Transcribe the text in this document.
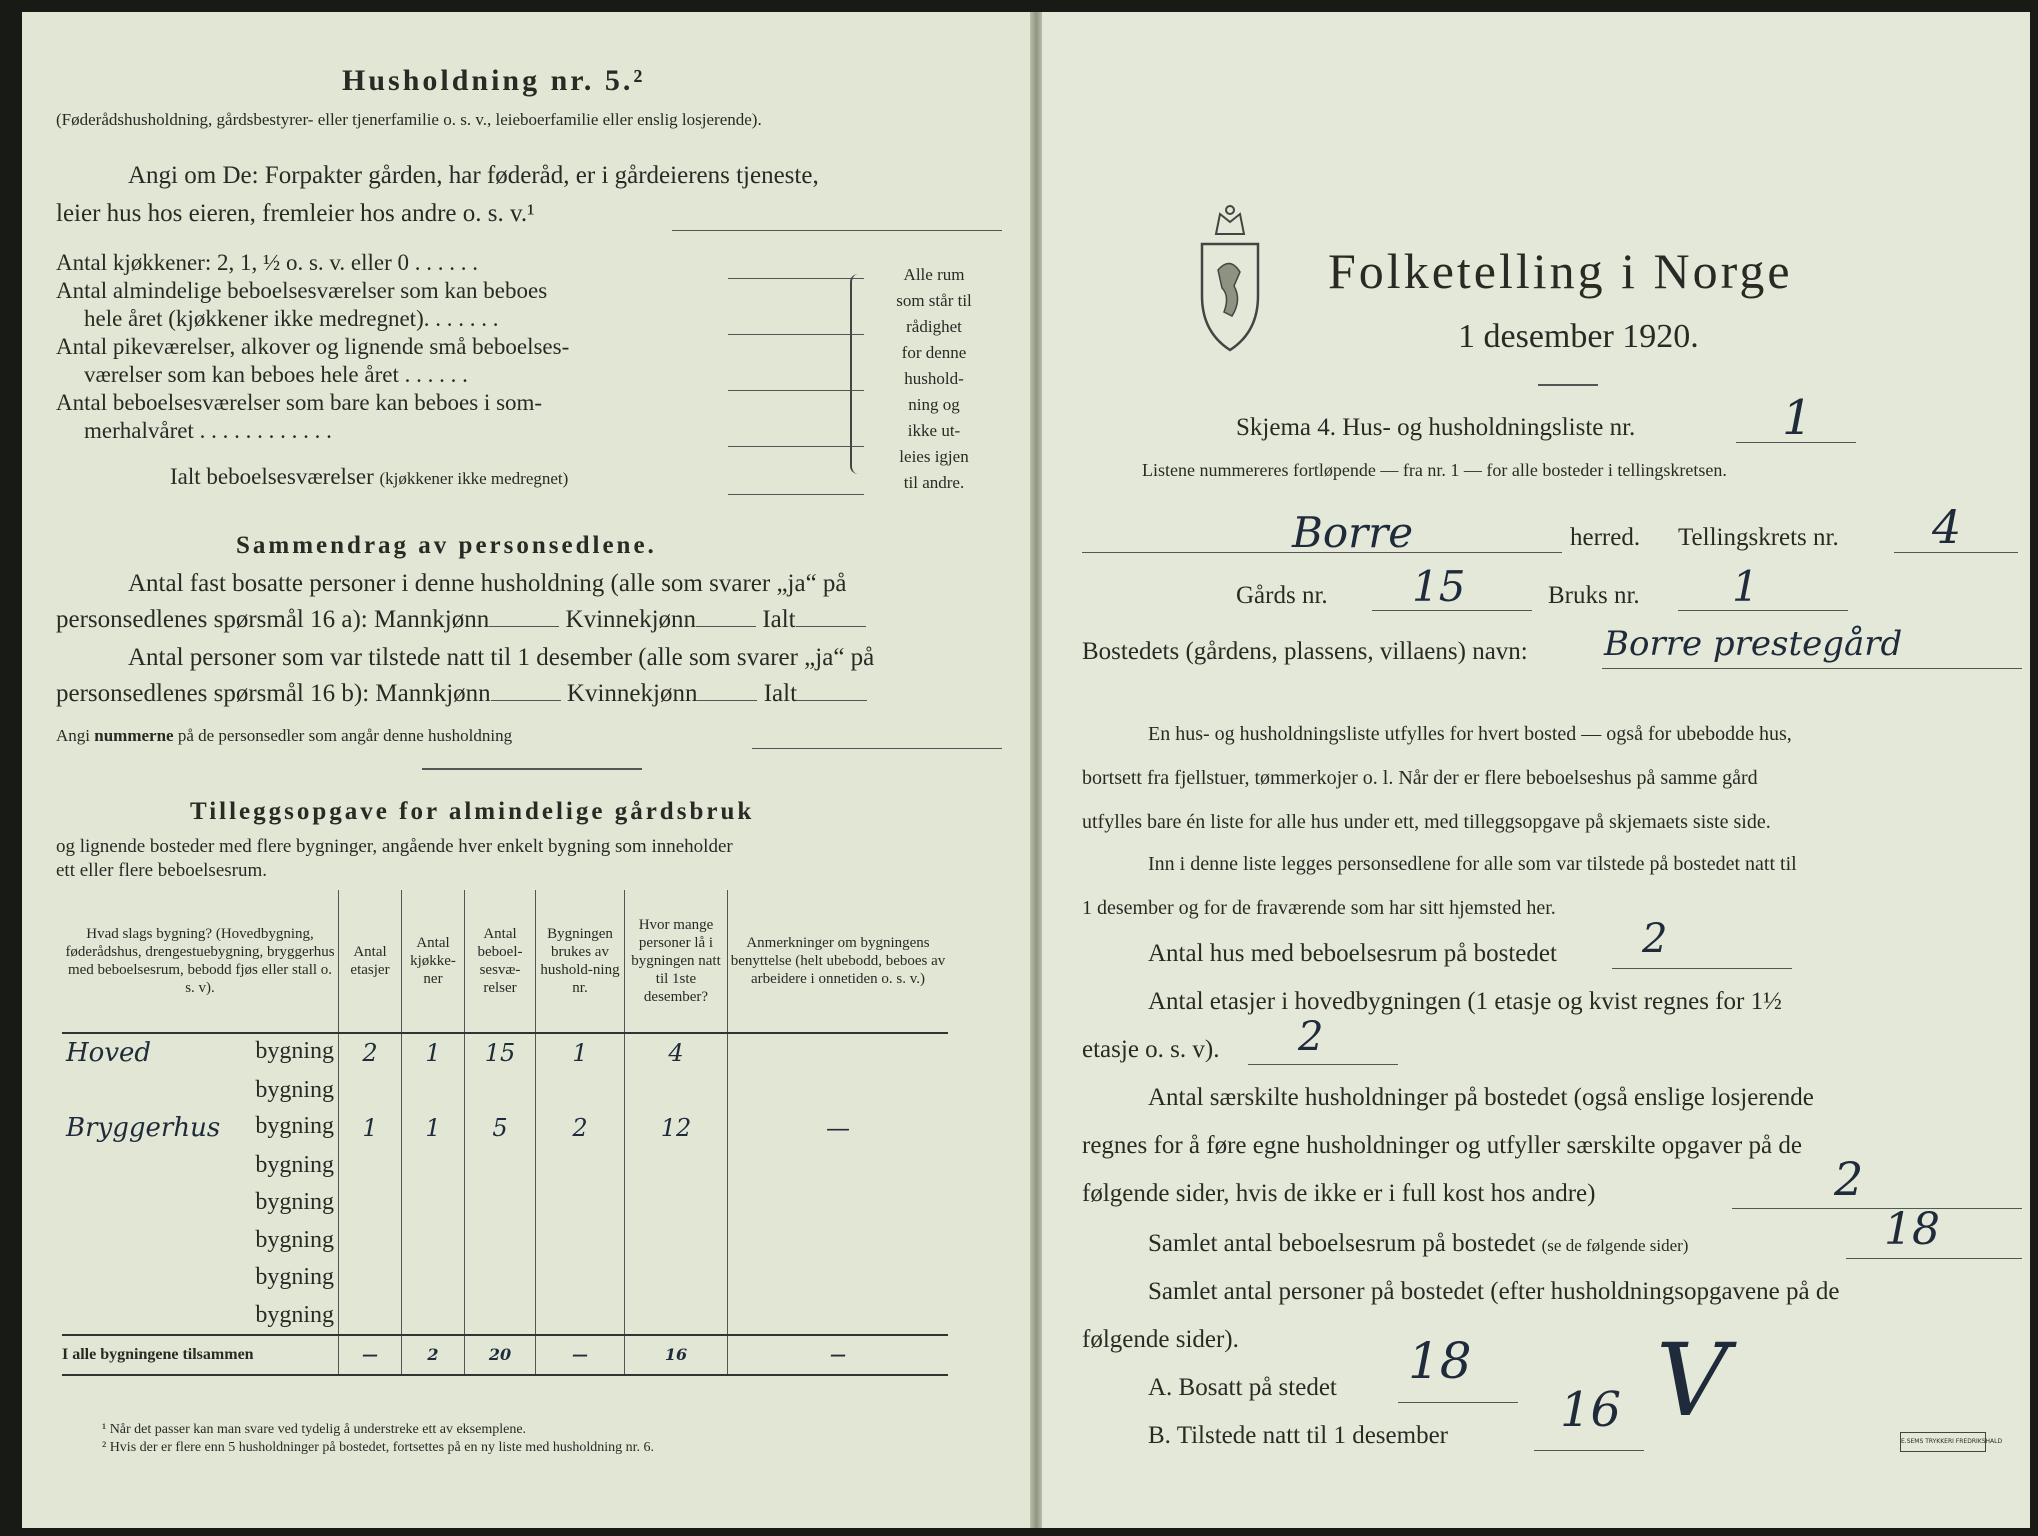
Husholdning nr. 5.²
(Føderådshusholdning, gårdsbestyrer- eller tjenerfamilie o. s. v., leieboerfamilie eller enslig losjerende).
Angi om De: Forpakter gården, har føderåd, er i gårdeierens tjeneste,
leier hus hos eieren, fremleier hos andre o. s. v.¹
Antal kjøkkener: 2, 1, ½ o. s. v. eller 0 . . . . . .
Antal almindelige beboelsesværelser som kan beboes
hele året (kjøkkener ikke medregnet). . . . . . .
Antal pikeværelser, alkover og lignende små beboelses-
værelser som kan beboes hele året . . . . . .
Antal beboelsesværelser som bare kan beboes i som-
merhalvåret . . . . . . . . . . . .
Ialt beboelsesværelser (kjøkkener ikke medregnet)
Alle rum
som står til
rådighet
for denne
hushold-
ning og
ikke ut-
leies igjen
til andre.
Sammendrag av personsedlene.
Antal fast bosatte personer i denne husholdning (alle som svarer „ja“ på
personsedlenes spørsmål 16 a): Mannkjønn	Kvinnekjønn	Ialt
Antal personer som var tilstede natt til 1 desember (alle som svarer „ja“ på
personsedlenes spørsmål 16 b): Mannkjønn	Kvinnekjønn	Ialt
Angi nummerne på de personsedler som angår denne husholdning
Tilleggsopgave for almindelige gårdsbruk
og lignende bosteder med flere bygninger, angående hver enkelt bygning som inneholder
ett eller flere beboelsesrum.
Hvad slags bygning? (Hovedbygning, føderådshus, drengestuebygning, bryggerhus med beboelsesrum, bebodd fjøs eller stall o. s. v).	Antal etasjer	Antal kjøkke-ner	Antal beboel-sesvæ-relser	Bygningen brukes av hushold-ning nr.	Hvor mange personer lå i bygningen natt til 1ste desember?	Anmerkninger om bygningens benyttelse (helt ubebodd, beboes av arbeidere i onnetiden o. s. v.)

Hoved bygning	2	1	15	1	4	

bygning						

Bryggerhus bygning	1	1	5	2	12	—

bygning						

bygning						

bygning						

bygning						

bygning						
I alle bygningene tilsammen	—	2	20	—	16	—
¹ Når det passer kan man svare ved tydelig å understreke ett av eksemplene.
² Hvis der er flere enn 5 husholdninger på bostedet, fortsettes på en ny liste med husholdning nr. 6.
Folketelling i Norge
1 desember 1920.
Skjema 4. Hus- og husholdningsliste nr.	1
Listene nummereres fortløpende — fra nr. 1 — for alle bosteder i tellingskretsen.
Borre	herred. Tellingskrets nr. 4
Gårds nr. 15	Bruks nr. 1
Bostedets (gårdens, plassens, villaens) navn: Borre prestegård
En hus- og husholdningsliste utfylles for hvert bosted — også for ubebodde hus,
bortsett fra fjellstuer, tømmerkojer o. l. Når der er flere beboelseshus på samme gård
utfylles bare én liste for alle hus under ett, med tilleggsopgave på skjemaets siste side.
Inn i denne liste legges personsedlene for alle som var tilstede på bostedet natt til
1 desember og for de fraværende som har sitt hjemsted her.
Antal hus med beboelsesrum på bostedet 2
Antal etasjer i hovedbygningen (1 etasje og kvist regnes for 1½
etasje o. s. v). 2
Antal særskilte husholdninger på bostedet (også enslige losjerende
regnes for å føre egne husholdninger og utfyller særskilte opgaver på de
følgende sider, hvis de ikke er i full kost hos andre)	2
Samlet antal beboelsesrum på bostedet (se de følgende sider)	18
Samlet antal personer på bostedet (efter husholdningsopgavene på de
følgende sider).
A. Bosatt på stedet 18
B. Tilstede natt til 1 desember 16 V
E.SEMS TRYKKERI FREDRIKSHALD
